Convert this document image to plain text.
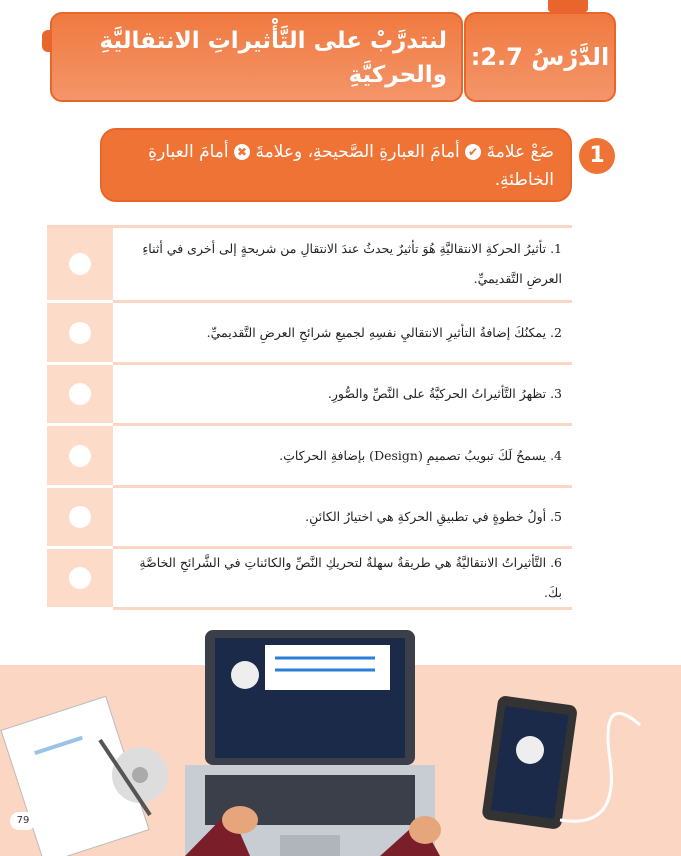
لنتدرَّبْ على التَّأْثيراتِ الانتقاليَّةِ والحركيَّةِ
الدَّرْسُ 2.7:
1
ضَعْ علامةَ ✔ أمامَ العبارةِ الصَّحيحةِ، وعلامةَ ✖ أمامَ العبارةِ الخاطئةِ.
1. تأثيرُ الحركةِ الانتقاليَّةِ هُوَ تأثيرٌ يحدثُ عندَ الانتقالِ من شريحةٍ إلى أخرى في أثناءِ العرضِ التَّقديميِّ.
2. يمكنُكَ إضافةُ التأثيرِ الانتقاليِ نفسِهِ لجميعِ شرائحِ العرضِ التَّقديميِّ.
3. تظهرُ التَّأثيراتُ الحركيَّةُ على النَّصِّ والصُّورِ.
4. يسمحُ لَكَ تبويبُ تصميمِ (Design) بإضافةِ الحركاتِ.
5. أولُ خطوةٍ في تطبيقِ الحركةِ هي اختيارُ الكائنِ.
6. التَّأثيراتُ الانتقاليَّةُ هي طريقةٌ سهلةٌ لتحريكِ النَّصِّ والكائناتِ في الشَّرائحِ الخاصَّةِ بكَ.
79
